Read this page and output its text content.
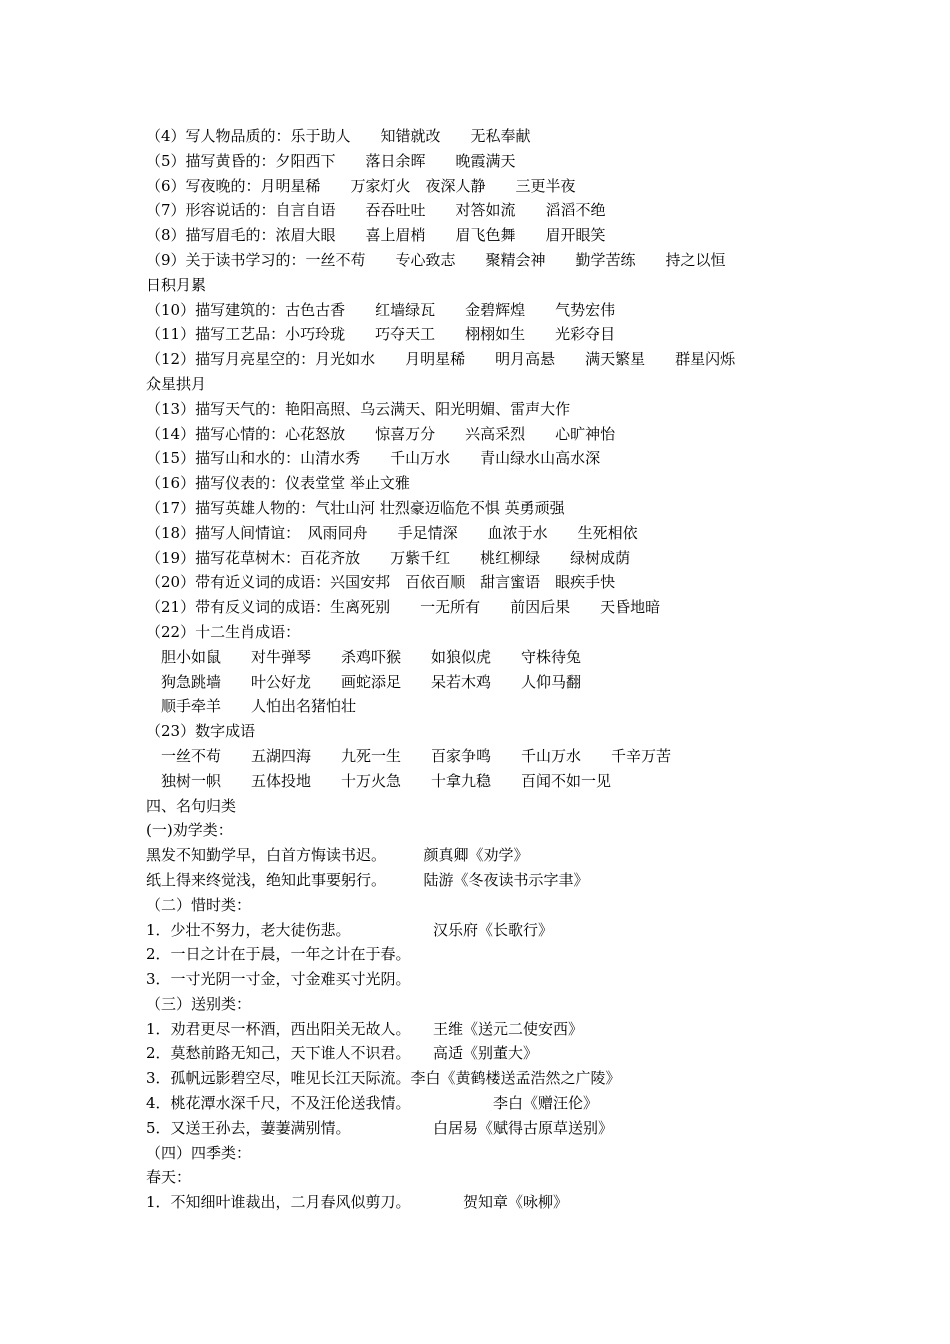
（4）写人物品质的：乐于助人　　知错就改　　无私奉献
（5）描写黄昏的：夕阳西下　　落日余晖　　晚霞满天
（6）写夜晚的：月明星稀　　万家灯火　夜深人静　　三更半夜
（7）形容说话的：自言自语　　吞吞吐吐　　对答如流　　滔滔不绝
（8）描写眉毛的：浓眉大眼　　喜上眉梢　　眉飞色舞　　眉开眼笑
（9）关于读书学习的：一丝不苟　　专心致志　　聚精会神　　勤学苦练　　持之以恒
日积月累
（10）描写建筑的：古色古香　　红墙绿瓦　　金碧辉煌　　气势宏伟
（11）描写工艺品：小巧玲珑　　巧夺天工　　栩栩如生　　光彩夺目
（12）描写月亮星空的：月光如水　　月明星稀　　明月高悬　　满天繁星　　群星闪烁
众星拱月
（13）描写天气的：艳阳高照、乌云满天、阳光明媚、雷声大作
（14）描写心情的：心花怒放　　惊喜万分　　兴高采烈　　心旷神怡
（15）描写山和水的：山清水秀　　千山万水　　青山绿水山高水深
（16）描写仪表的：仪表堂堂 举止文雅
（17）描写英雄人物的：气壮山河 壮烈豪迈临危不惧 英勇顽强
（18）描写人间情谊：　风雨同舟　　手足情深　　血浓于水　　生死相依
（19）描写花草树木：百花齐放　　万紫千红　　桃红柳绿　　绿树成荫
（20）带有近义词的成语：兴国安邦　百依百顺　甜言蜜语　眼疾手快
（21）带有反义词的成语：生离死别　　一无所有　　前因后果　　天昏地暗
（22）十二生肖成语：
　胆小如鼠　　对牛弹琴　　杀鸡吓猴　　如狼似虎　　守株待兔
　狗急跳墙　　叶公好龙　　画蛇添足　　呆若木鸡　　人仰马翻
　顺手牵羊　　人怕出名猪怕壮
（23）数字成语
　一丝不苟　　五湖四海　　九死一生　　百家争鸣　　千山万水　　千辛万苦
　独树一帜　　五体投地　　十万火急　　十拿九稳　　百闻不如一见
四、名句归类
(一)劝学类：
黑发不知勤学早，白首方悔读书迟。　　　颜真卿《劝学》
纸上得来终觉浅，绝知此事要躬行。　　　陆游《冬夜读书示字聿》
（二）惜时类：
1．少壮不努力，老大徒伤悲。　　　　　　汉乐府《长歌行》
2．一日之计在于晨，一年之计在于春。
3．一寸光阴一寸金，寸金难买寸光阴。
（三）送别类：
1．劝君更尽一杯酒，西出阳关无故人。　　王维《送元二使安西》
2．莫愁前路无知己，天下谁人不识君。　　高适《别董大》
3．孤帆远影碧空尽，唯见长江天际流。李白《黄鹤楼送孟浩然之广陵》
4．桃花潭水深千尺，不及汪伦送我情。　　　　　　李白《赠汪伦》
5．又送王孙去，萋萋满别情。　　　　　　白居易《赋得古原草送别》
（四）四季类：
春天：
1．不知细叶谁裁出，二月春风似剪刀。　　　　贺知章《咏柳》
